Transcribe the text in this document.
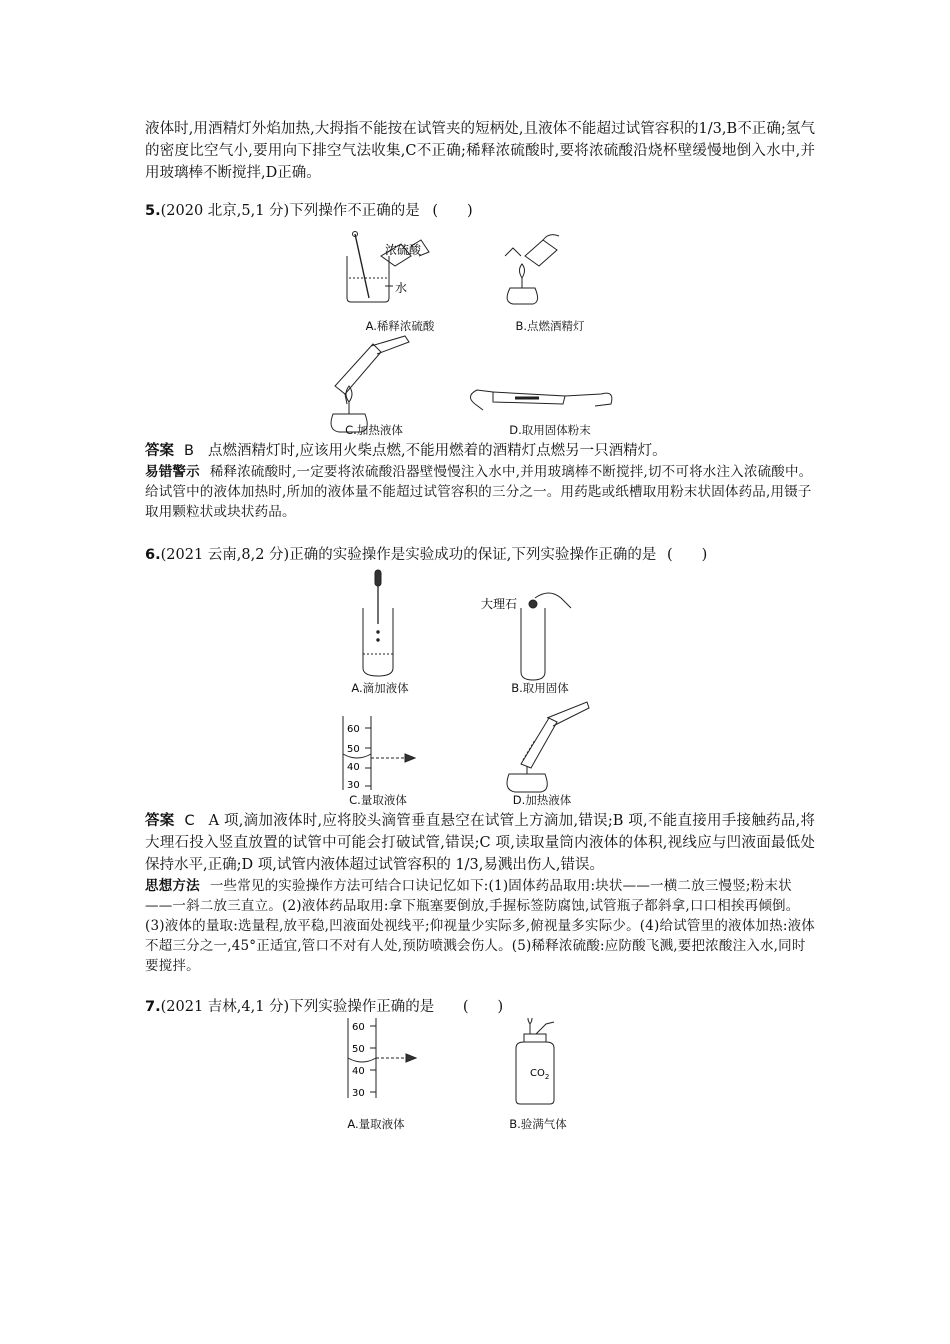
液体时,用酒精灯外焰加热,大拇指不能按在试管夹的短柄处,且液体不能超过试管容积的1/3,B不正确;氢气的密度比空气小,要用向下排空气法收集,C不正确;稀释浓硫酸时,要将浓硫酸沿烧杯壁缓慢地倒入水中,并用玻璃棒不断搅拌,D正确。

5.(2020 北京,5,1 分)下列操作不正确的是 (　　)

浓硫酸
水
A.稀释浓硫酸	B.点燃酒精灯
C.加热液体	D.取用固体粉末

答案 B 点燃酒精灯时,应该用火柴点燃,不能用燃着的酒精灯点燃另一只酒精灯。

易错警示 稀释浓硫酸时,一定要将浓硫酸沿器壁慢慢注入水中,并用玻璃棒不断搅拌,切不可将水注入浓硫酸中。给试管中的液体加热时,所加的液体量不能超过试管容积的三分之一。用药匙或纸槽取用粉末状固体药品,用镊子取用颗粒状或块状药品。

6.(2021 云南,8,2 分)正确的实验操作是实验成功的保证,下列实验操作正确的是 (　　)

大理石
60
50
40
30
A.滴加液体	B.取用固体
C.量取液体	D.加热液体

答案 C A 项,滴加液体时,应将胶头滴管垂直悬空在试管上方滴加,错误;B 项,不能直接用手接触药品,将大理石投入竖直放置的试管中可能会打破试管,错误;C 项,读取量筒内液体的体积,视线应与凹液面最低处保持水平,正确;D 项,试管内液体超过试管容积的 1/3,易溅出伤人,错误。

思想方法 一些常见的实验操作方法可结合口诀记忆如下:(1)固体药品取用:块状——一横二放三慢竖;粉末状——一斜二放三直立。(2)液体药品取用:拿下瓶塞要倒放,手握标签防腐蚀,试管瓶子都斜拿,口口相挨再倾倒。(3)液体的量取:选量程,放平稳,凹液面处视线平;仰视量少实际多,俯视量多实际少。(4)给试管里的液体加热:液体不超三分之一,45°正适宜,管口不对有人处,预防喷溅会伤人。(5)稀释浓硫酸:应防酸飞溅,要把浓酸注入水,同时要搅拌。

7.(2021 吉林,4,1 分)下列实验操作正确的是 (　　)

60
50
40
30
$CO_2$
A.量取液体	B.验满气体
